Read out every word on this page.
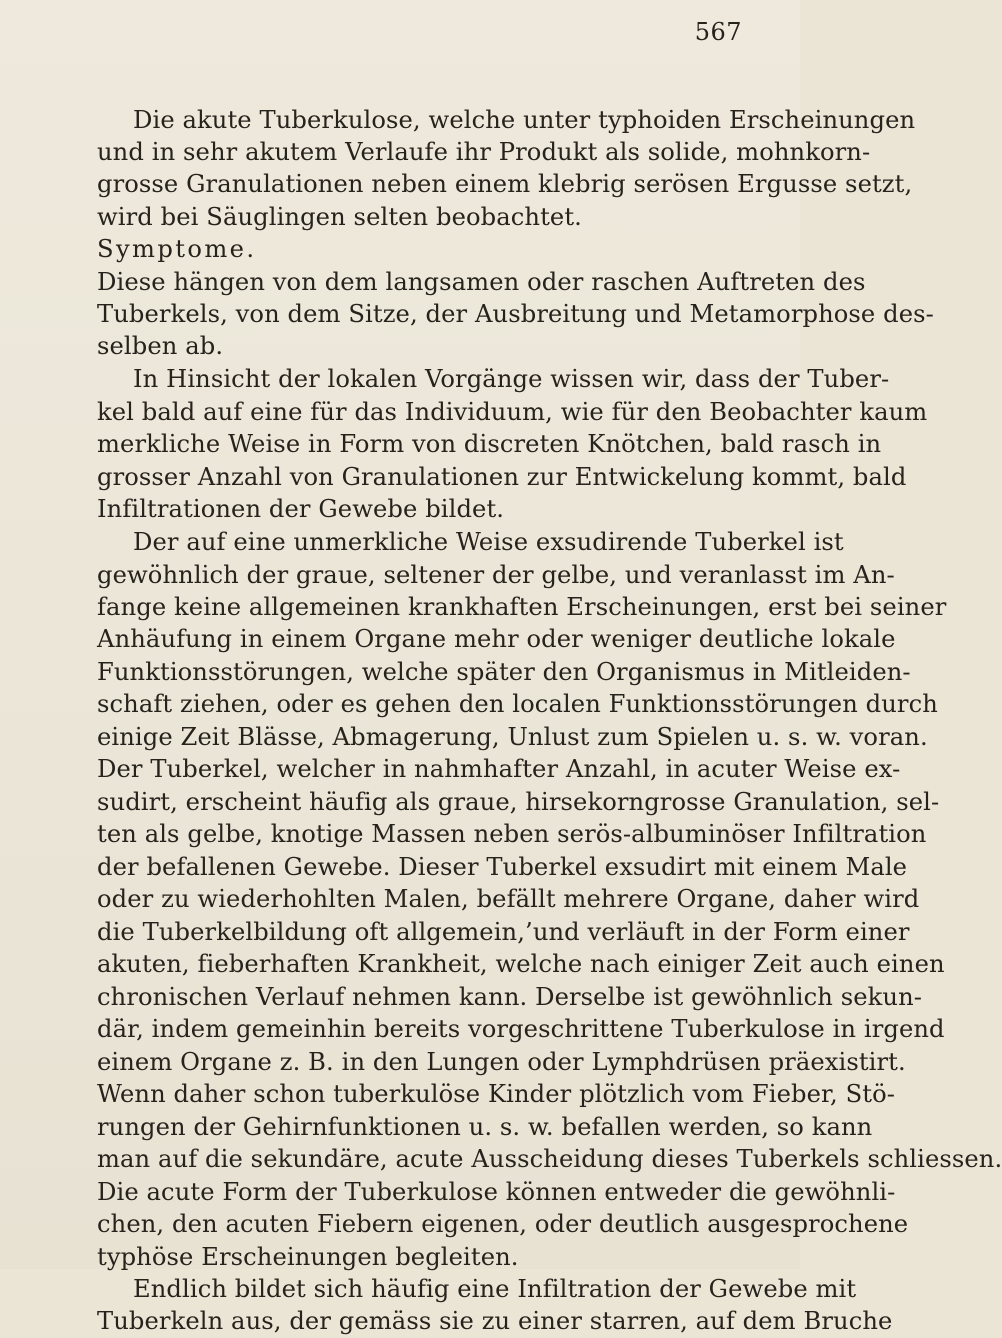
567
Die akute Tuberkulose, welche unter typhoiden Erscheinungen
und in sehr akutem Verlaufe ihr Produkt als solide, mohnkorn-
grosse Granulationen neben einem klebrig serösen Ergusse setzt,
wird bei Säuglingen selten beobachtet.
Symptome.
Diese hängen von dem langsamen oder raschen Auftreten des
Tuberkels, von dem Sitze, der Ausbreitung und Metamorphose des-
selben ab.
In Hinsicht der lokalen Vorgänge wissen wir, dass der Tuber-
kel bald auf eine für das Individuum, wie für den Beobachter kaum
merkliche Weise in Form von discreten Knötchen, bald rasch in
grosser Anzahl von Granulationen zur Entwickelung kommt, bald
Infiltrationen der Gewebe bildet.
Der auf eine unmerkliche Weise exsudirende Tuberkel ist
gewöhnlich der graue, seltener der gelbe, und veranlasst im An-
fange keine allgemeinen krankhaften Erscheinungen, erst bei seiner
Anhäufung in einem Organe mehr oder weniger deutliche lokale
Funktionsstörungen, welche später den Organismus in Mitleiden-
schaft ziehen, oder es gehen den localen Funktionsstörungen durch
einige Zeit Blässe, Abmagerung, Unlust zum Spielen u. s. w. voran.
Der Tuberkel, welcher in nahmhafter Anzahl, in acuter Weise ex-
sudirt, erscheint häufig als graue, hirsekorngrosse Granulation, sel-
ten als gelbe, knotige Massen neben serös-albuminöser Infiltration
der befallenen Gewebe. Dieser Tuberkel exsudirt mit einem Male
oder zu wiederhohlten Malen, befällt mehrere Organe, daher wird
die Tuberkelbildung oft allgemein,’und verläuft in der Form einer
akuten, fieberhaften Krankheit, welche nach einiger Zeit auch einen
chronischen Verlauf nehmen kann. Derselbe ist gewöhnlich sekun-
där, indem gemeinhin bereits vorgeschrittene Tuberkulose in irgend
einem Organe z. B. in den Lungen oder Lymphdrüsen präexistirt.
Wenn daher schon tuberkulöse Kinder plötzlich vom Fieber, Stö-
rungen der Gehirnfunktionen u. s. w. befallen werden, so kann
man auf die sekundäre, acute Ausscheidung dieses Tuberkels schliessen.
Die acute Form der Tuberkulose können entweder die gewöhnli-
chen, den acuten Fiebern eigenen, oder deutlich ausgesprochene
typhöse Erscheinungen begleiten.
Endlich bildet sich häufig eine Infiltration der Gewebe mit
Tuberkeln aus, der gemäss sie zu einer starren, auf dem Bruche
